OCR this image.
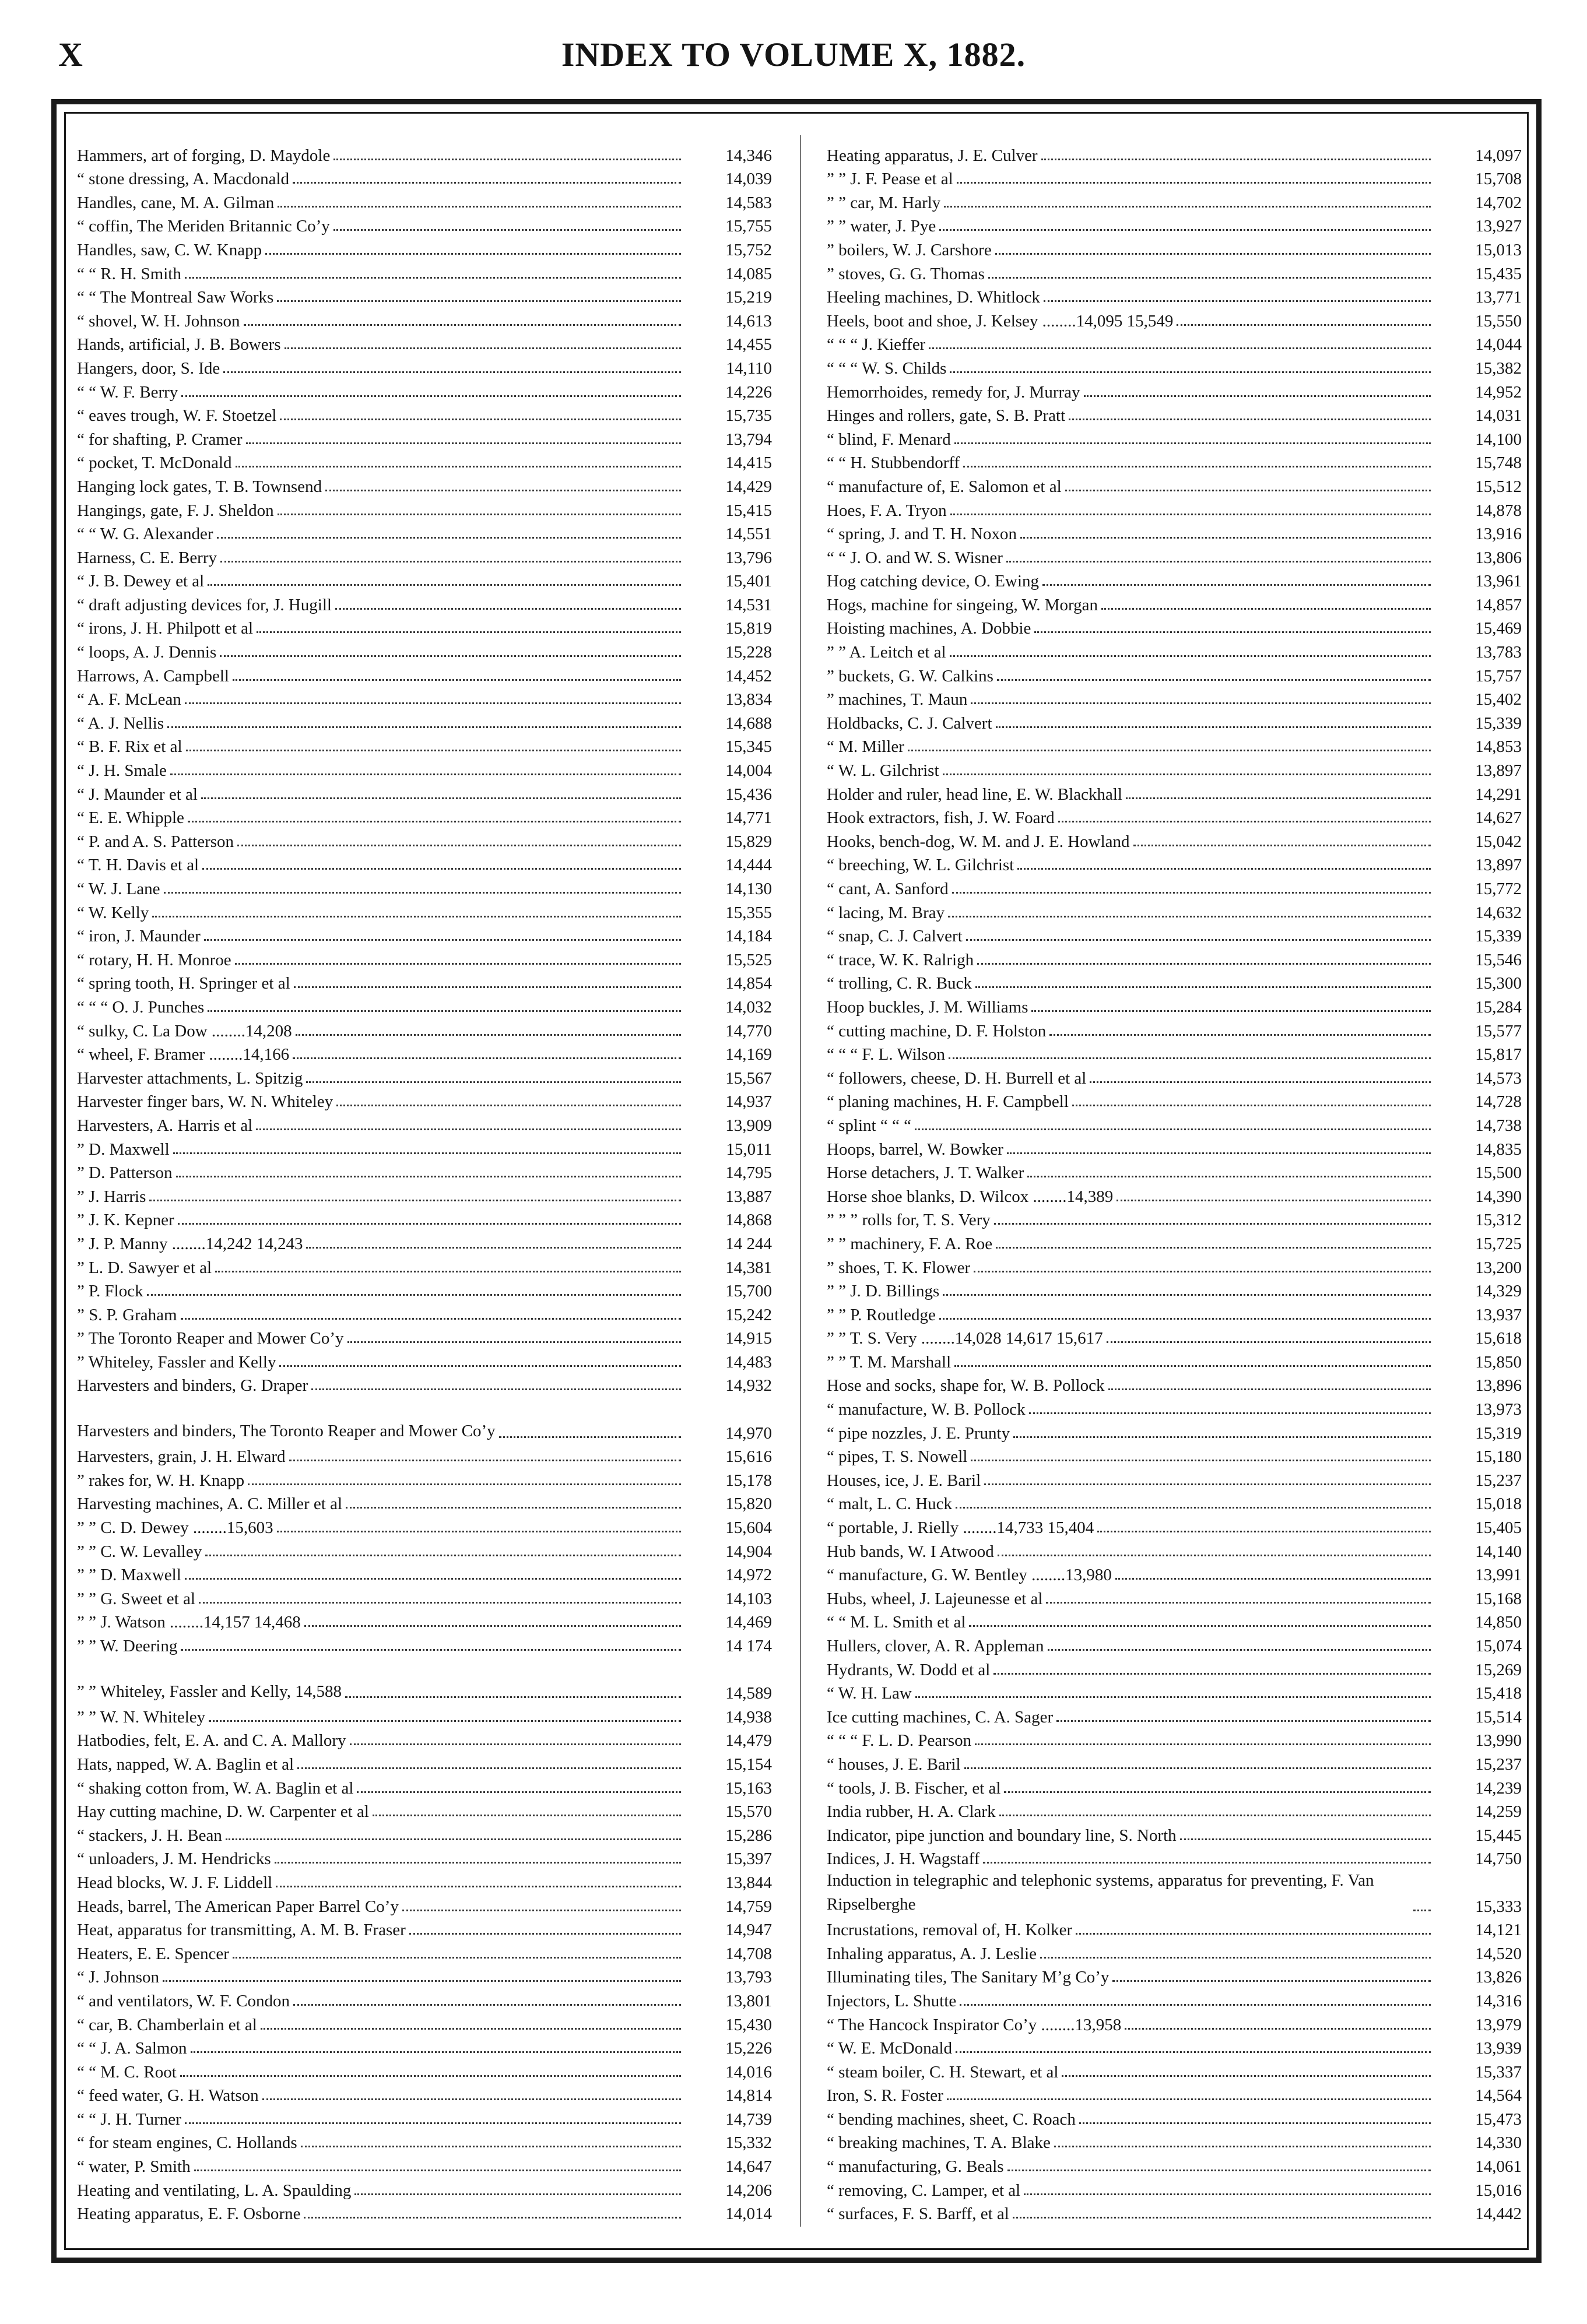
X	INDEX TO VOLUME X, 1882.
Hammers, art of forging, D. Maydole	14,346
“ stone dressing, A. Macdonald	14,039
Handles, cane, M. A. Gilman	14,583
“ coffin, The Meriden Britannic Co’y	15,755
Handles, saw, C. W. Knapp	15,752
“ “ R. H. Smith	14,085
“ “ The Montreal Saw Works	15,219
“ shovel, W. H. Johnson	14,613
Hands, artificial, J. B. Bowers	14,455
Hangers, door, S. Ide	14,110
“ “ W. F. Berry	14,226
“ eaves trough, W. F. Stoetzel	15,735
“ for shafting, P. Cramer	13,794
“ pocket, T. McDonald	14,415
Hanging lock gates, T. B. Townsend	14,429
Hangings, gate, F. J. Sheldon	15,415
“ “ W. G. Alexander	14,551
Harness, C. E. Berry	13,796
“ J. B. Dewey et al	15,401
“ draft adjusting devices for, J. Hugill	14,531
“ irons, J. H. Philpott et al	15,819
“ loops, A. J. Dennis	15,228
Harrows, A. Campbell	14,452
“ A. F. McLean	13,834
“ A. J. Nellis	14,688
“ B. F. Rix et al	15,345
“ J. H. Smale	14,004
“ J. Maunder et al	15,436
“ E. E. Whipple	14,771
“ P. and A. S. Patterson	15,829
“ T. H. Davis et al	14,444
“ W. J. Lane	14,130
“ W. Kelly	15,355
“ iron, J. Maunder	14,184
“ rotary, H. H. Monroe	15,525
“ spring tooth, H. Springer et al	14,854
“ “ “ O. J. Punches	14,032
“ sulky, C. La Dow ........14,208	14,770
“ wheel, F. Bramer ........14,166	14,169
Harvester attachments, L. Spitzig	15,567
Harvester finger bars, W. N. Whiteley	14,937
Harvesters, A. Harris et al	13,909
” D. Maxwell	15,011
” D. Patterson	14,795
” J. Harris	13,887
” J. K. Kepner	14,868
” J. P. Manny ........14,242 14,243	14 244
” L. D. Sawyer et al	14,381
” P. Flock	15,700
” S. P. Graham	15,242
” The Toronto Reaper and Mower Co’y	14,915
” Whiteley, Fassler and Kelly	14,483
Harvesters and binders, G. Draper	14,932
Harvesters and binders, The Toronto Reaper and Mower Co’y	14,970
Harvesters, grain, J. H. Elward	15,616
” rakes for, W. H. Knapp	15,178
Harvesting machines, A. C. Miller et al	15,820
” ” C. D. Dewey ........15,603	15,604
” ” C. W. Levalley	14,904
” ” D. Maxwell	14,972
” ” G. Sweet et al	14,103
” ” J. Watson ........14,157 14,468	14,469
” ” W. Deering	14 174
” ” Whiteley, Fassler and Kelly, 14,588	14,589
” ” W. N. Whiteley	14,938
Hatbodies, felt, E. A. and C. A. Mallory	14,479
Hats, napped, W. A. Baglin et al	15,154
“ shaking cotton from, W. A. Baglin et al	15,163
Hay cutting machine, D. W. Carpenter et al	15,570
“ stackers, J. H. Bean	15,286
“ unloaders, J. M. Hendricks	15,397
Head blocks, W. J. F. Liddell	13,844
Heads, barrel, The American Paper Barrel Co’y	14,759
Heat, apparatus for transmitting, A. M. B. Fraser	14,947
Heaters, E. E. Spencer	14,708
“ J. Johnson	13,793
“ and ventilators, W. F. Condon	13,801
“ car, B. Chamberlain et al	15,430
“ “ J. A. Salmon	15,226
“ “ M. C. Root	14,016
“ feed water, G. H. Watson	14,814
“ “ J. H. Turner	14,739
“ for steam engines, C. Hollands	15,332
“ water, P. Smith	14,647
Heating and ventilating, L. A. Spaulding	14,206
Heating apparatus, E. F. Osborne	14,014
Heating apparatus, J. E. Culver	14,097
” ” J. F. Pease et al	15,708
” ” car, M. Harly	14,702
” ” water, J. Pye	13,927
” boilers, W. J. Carshore	15,013
” stoves, G. G. Thomas	15,435
Heeling machines, D. Whitlock	13,771
Heels, boot and shoe, J. Kelsey ........14,095 15,549	15,550
“ “ “ J. Kieffer	14,044
“ “ “ W. S. Childs	15,382
Hemorrhoides, remedy for, J. Murray	14,952
Hinges and rollers, gate, S. B. Pratt	14,031
“ blind, F. Menard	14,100
“ “ H. Stubbendorff	15,748
“ manufacture of, E. Salomon et al	15,512
Hoes, F. A. Tryon	14,878
“ spring, J. and T. H. Noxon	13,916
“ “ J. O. and W. S. Wisner	13,806
Hog catching device, O. Ewing	13,961
Hogs, machine for singeing, W. Morgan	14,857
Hoisting machines, A. Dobbie	15,469
” ” A. Leitch et al	13,783
” buckets, G. W. Calkins	15,757
” machines, T. Maun	15,402
Holdbacks, C. J. Calvert	15,339
“ M. Miller	14,853
“ W. L. Gilchrist	13,897
Holder and ruler, head line, E. W. Blackhall	14,291
Hook extractors, fish, J. W. Foard	14,627
Hooks, bench-dog, W. M. and J. E. Howland	15,042
“ breeching, W. L. Gilchrist	13,897
“ cant, A. Sanford	15,772
“ lacing, M. Bray	14,632
“ snap, C. J. Calvert	15,339
“ trace, W. K. Ralrigh	15,546
“ trolling, C. R. Buck	15,300
Hoop buckles, J. M. Williams	15,284
“ cutting machine, D. F. Holston	15,577
“ “ “ F. L. Wilson	15,817
“ followers, cheese, D. H. Burrell et al	14,573
“ planing machines, H. F. Campbell	14,728
“ splint “ “ “	14,738
Hoops, barrel, W. Bowker	14,835
Horse detachers, J. T. Walker	15,500
Horse shoe blanks, D. Wilcox ........14,389	14,390
” ” ” rolls for, T. S. Very	15,312
” ” machinery, F. A. Roe	15,725
” shoes, T. K. Flower	13,200
” ” J. D. Billings	14,329
” ” P. Routledge	13,937
” ” T. S. Very ........14,028 14,617 15,617	15,618
” ” T. M. Marshall	15,850
Hose and socks, shape for, W. B. Pollock	13,896
“ manufacture, W. B. Pollock	13,973
“ pipe nozzles, J. E. Prunty	15,319
“ pipes, T. S. Nowell	15,180
Houses, ice, J. E. Baril	15,237
“ malt, L. C. Huck	15,018
“ portable, J. Rielly ........14,733 15,404	15,405
Hub bands, W. I Atwood	14,140
“ manufacture, G. W. Bentley ........13,980	13,991
Hubs, wheel, J. Lajeunesse et al	15,168
“ “ M. L. Smith et al	14,850
Hullers, clover, A. R. Appleman	15,074
Hydrants, W. Dodd et al	15,269
“ W. H. Law	15,418
Ice cutting machines, C. A. Sager	15,514
“ “ “ F. L. D. Pearson	13,990
“ houses, J. E. Baril	15,237
“ tools, J. B. Fischer, et al	14,239
India rubber, H. A. Clark	14,259
Indicator, pipe junction and boundary line, S. North	15,445
Indices, J. H. Wagstaff	14,750
Induction in telegraphic and telephonic systems, apparatus for preventing, F. Van Ripselberghe	15,333
Incrustations, removal of, H. Kolker	14,121
Inhaling apparatus, A. J. Leslie	14,520
Illuminating tiles, The Sanitary M’g Co’y	13,826
Injectors, L. Shutte	14,316
“ The Hancock Inspirator Co’y ........13,958	13,979
“ W. E. McDonald	13,939
“ steam boiler, C. H. Stewart, et al	15,337
Iron, S. R. Foster	14,564
“ bending machines, sheet, C. Roach	15,473
“ breaking machines, T. A. Blake	14,330
“ manufacturing, G. Beals	14,061
“ removing, C. Lamper, et al	15,016
“ surfaces, F. S. Barff, et al	14,442
